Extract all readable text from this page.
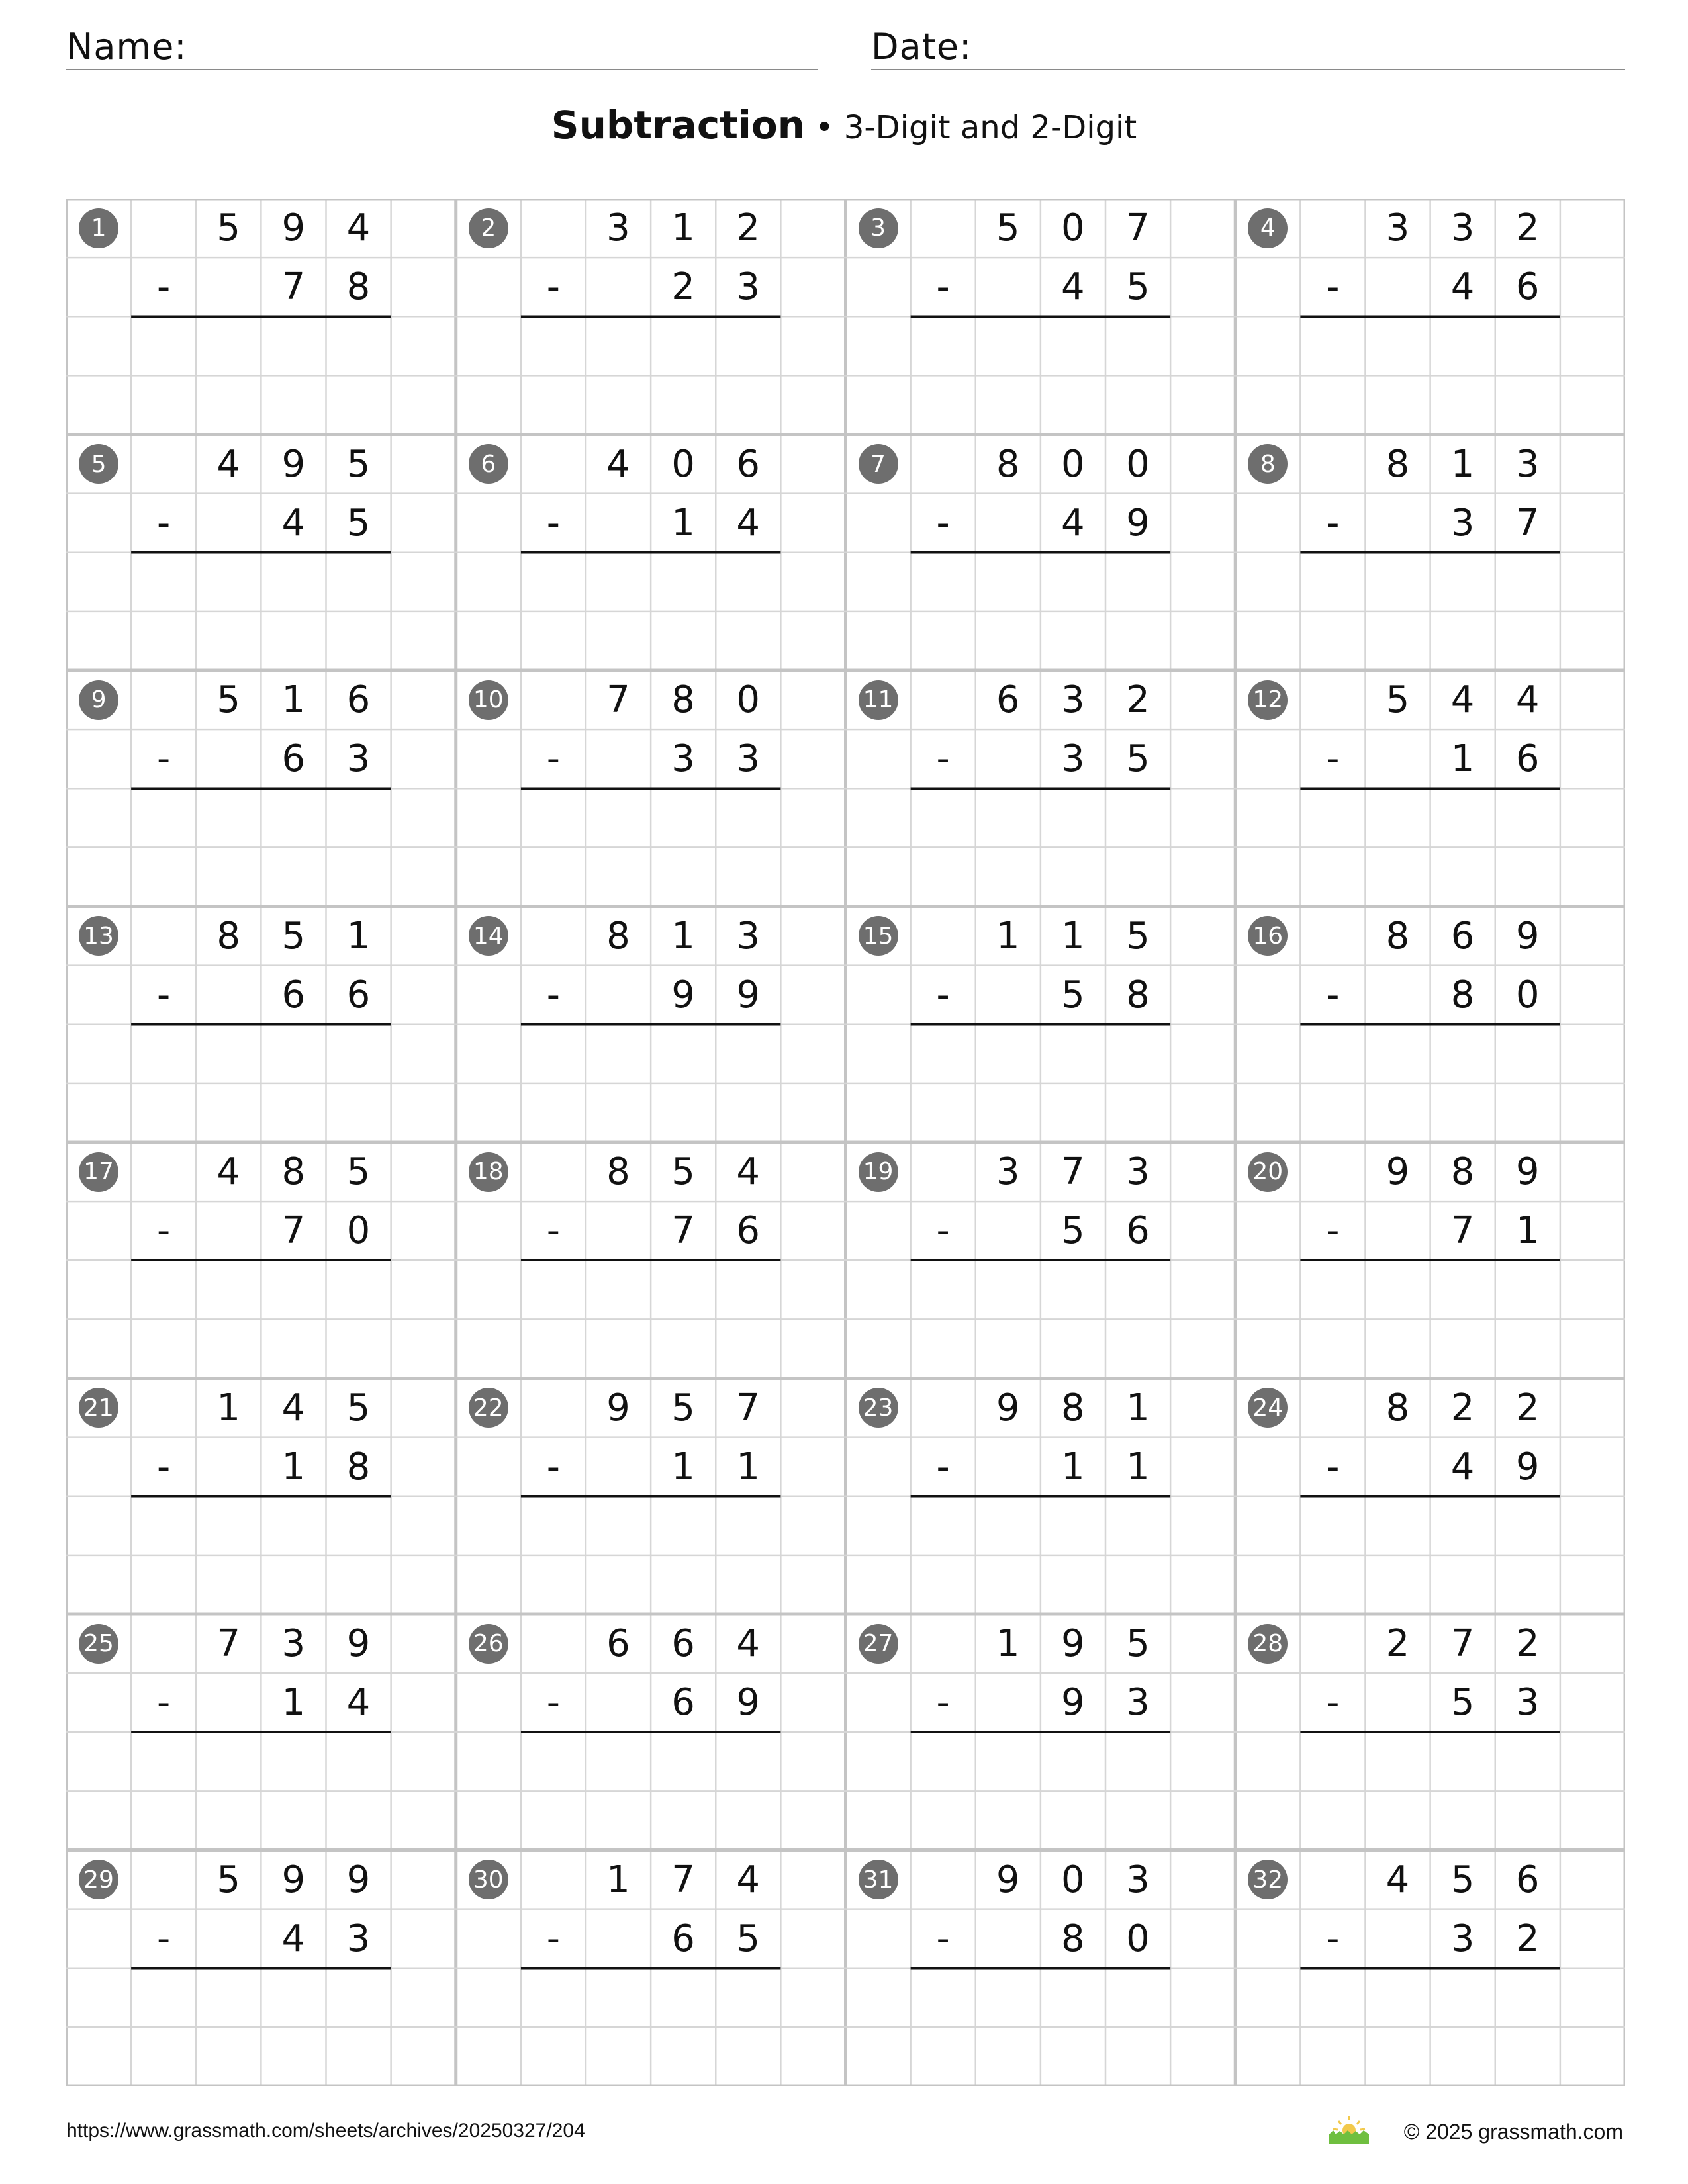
Name:	Date:
Subtraction • 3-Digit and 2-Digit
1	5	9	4
-	7	8
2	3	1	2
-	2	3
3	5	0	7
-	4	5
4	3	3	2
-	4	6
5	4	9	5
-	4	5
6	4	0	6
-	1	4
7	8	0	0
-	4	9
8	8	1	3
-	3	7
9	5	1	6
-	6	3
10	7	8	0
-	3	3
11	6	3	2
-	3	5
12	5	4	4
-	1	6
13	8	5	1
-	6	6
14	8	1	3
-	9	9
15	1	1	5
-	5	8
16	8	6	9
-	8	0
17	4	8	5
-	7	0
18	8	5	4
-	7	6
19	3	7	3
-	5	6
20	9	8	9
-	7	1
21	1	4	5
-	1	8
22	9	5	7
-	1	1
23	9	8	1
-	1	1
24	8	2	2
-	4	9
25	7	3	9
-	1	4
26	6	6	4
-	6	9
27	1	9	5
-	9	3
28	2	7	2
-	5	3
29	5	9	9
-	4	3
30	1	7	4
-	6	5
31	9	0	3
-	8	0
32	4	5	6
-	3	2
https://www.grassmath.com/sheets/archives/20250327/204	© 2025 grassmath.com
